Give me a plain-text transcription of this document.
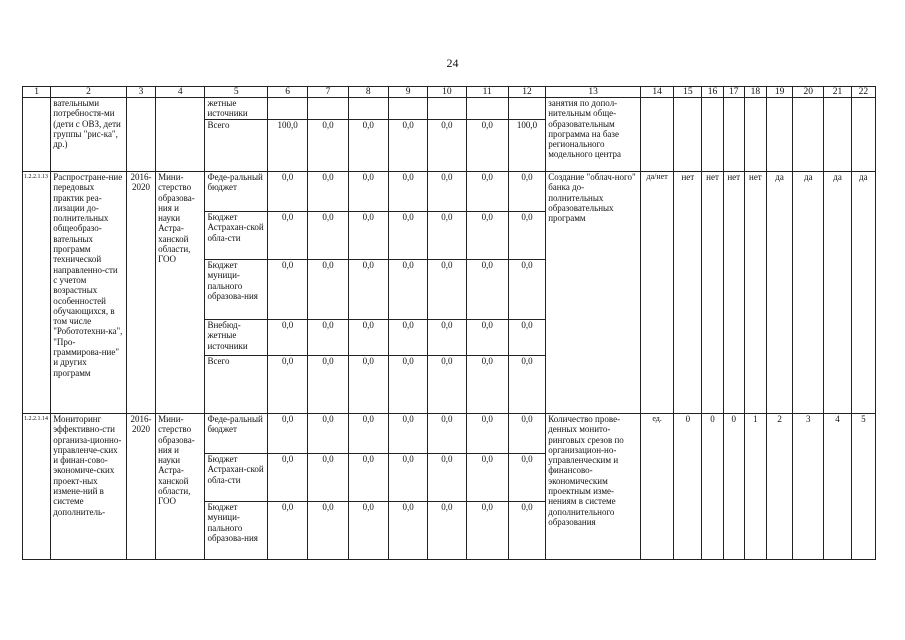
24
1	2	3	4	5	6	7	8	9	10	11	12	13	14	15	16	17	18	19	20	21	22
	вательными потребностя-ми (дети с ОВЗ, дети группы "рис-ка", др.)			жетные источники								занятия по допол-нительным обще-образовательным программа на базе регионального модельного центра									
				Всего	100,0	0,0	0,0	0,0	0,0	0,0	100,0										
1.2.2.1.13	Распростране-ние передовых практик реа-лизации до-полнительных общеобразо-вательных программ технической направленно-сти с учетом возрастных особенностей обучающихся, в том числе "Робототехни-ка", "Про-граммирова-ние" и других программ	2016-2020	Мини-стерство образова-ния и науки Астра-ханской области, ГОО	Феде-ральный бюджет	0,0	0,0	0,0	0,0	0,0	0,0	0,0	Создание "облач-ного" банка до-полнительных образовательных программ	да/нет	нет	нет	нет	нет	да	да	да	да
				Бюджет Астрахан-ской обла-сти	0,0	0,0	0,0	0,0	0,0	0,0	0,0										
				Бюджет муници-пального образова-ния	0,0	0,0	0,0	0,0	0,0	0,0	0,0										
				Внебюд-жетные источники	0,0	0,0	0,0	0,0	0,0	0,0	0,0										
				Всего	0,0	0,0	0,0	0,0	0,0	0,0	0,0										
1.2.2.1.14	Мониторинг эффективно-сти организа-ционно-управленче-ских и финан-сово-экономиче-ских проект-ных измене-ний в системе дополнитель-	2016-2020	Мини-стерство образова-ния и науки Астра-ханской области, ГОО	Феде-ральный бюджет	0,0	0,0	0,0	0,0	0,0	0,0	0,0	Количество прове-денных монито-ринговых срезов по организацион-но-управленческим и финансово-экономическим проектным изме-нениям в системе дополнительного образования	ед.	0	0	0	1	2	3	4	5
				Бюджет Астрахан-ской обла-сти	0,0	0,0	0,0	0,0	0,0	0,0	0,0										
				Бюджет муници-пального образова-ния	0,0	0,0	0,0	0,0	0,0	0,0	0,0										
